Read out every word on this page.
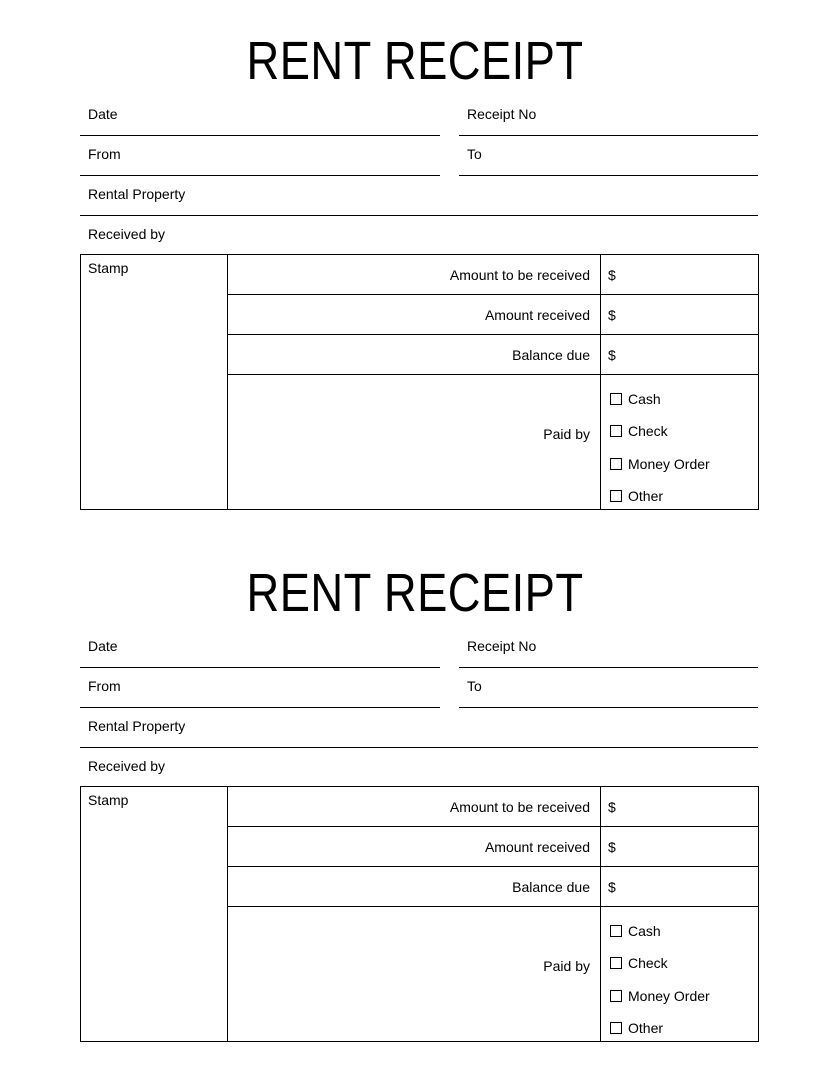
RENT RECEIPT
Date	Receipt No
From	To
Rental Property
Received by
Stamp	Amount to be received $
Amount received $
Balance due $
Paid by
Cash
Check
Money Order
Other
RENT RECEIPT
Date	Receipt No
From	To
Rental Property
Received by
Stamp	Amount to be received $
Amount received $
Balance due $
Paid by
Cash
Check
Money Order
Other
